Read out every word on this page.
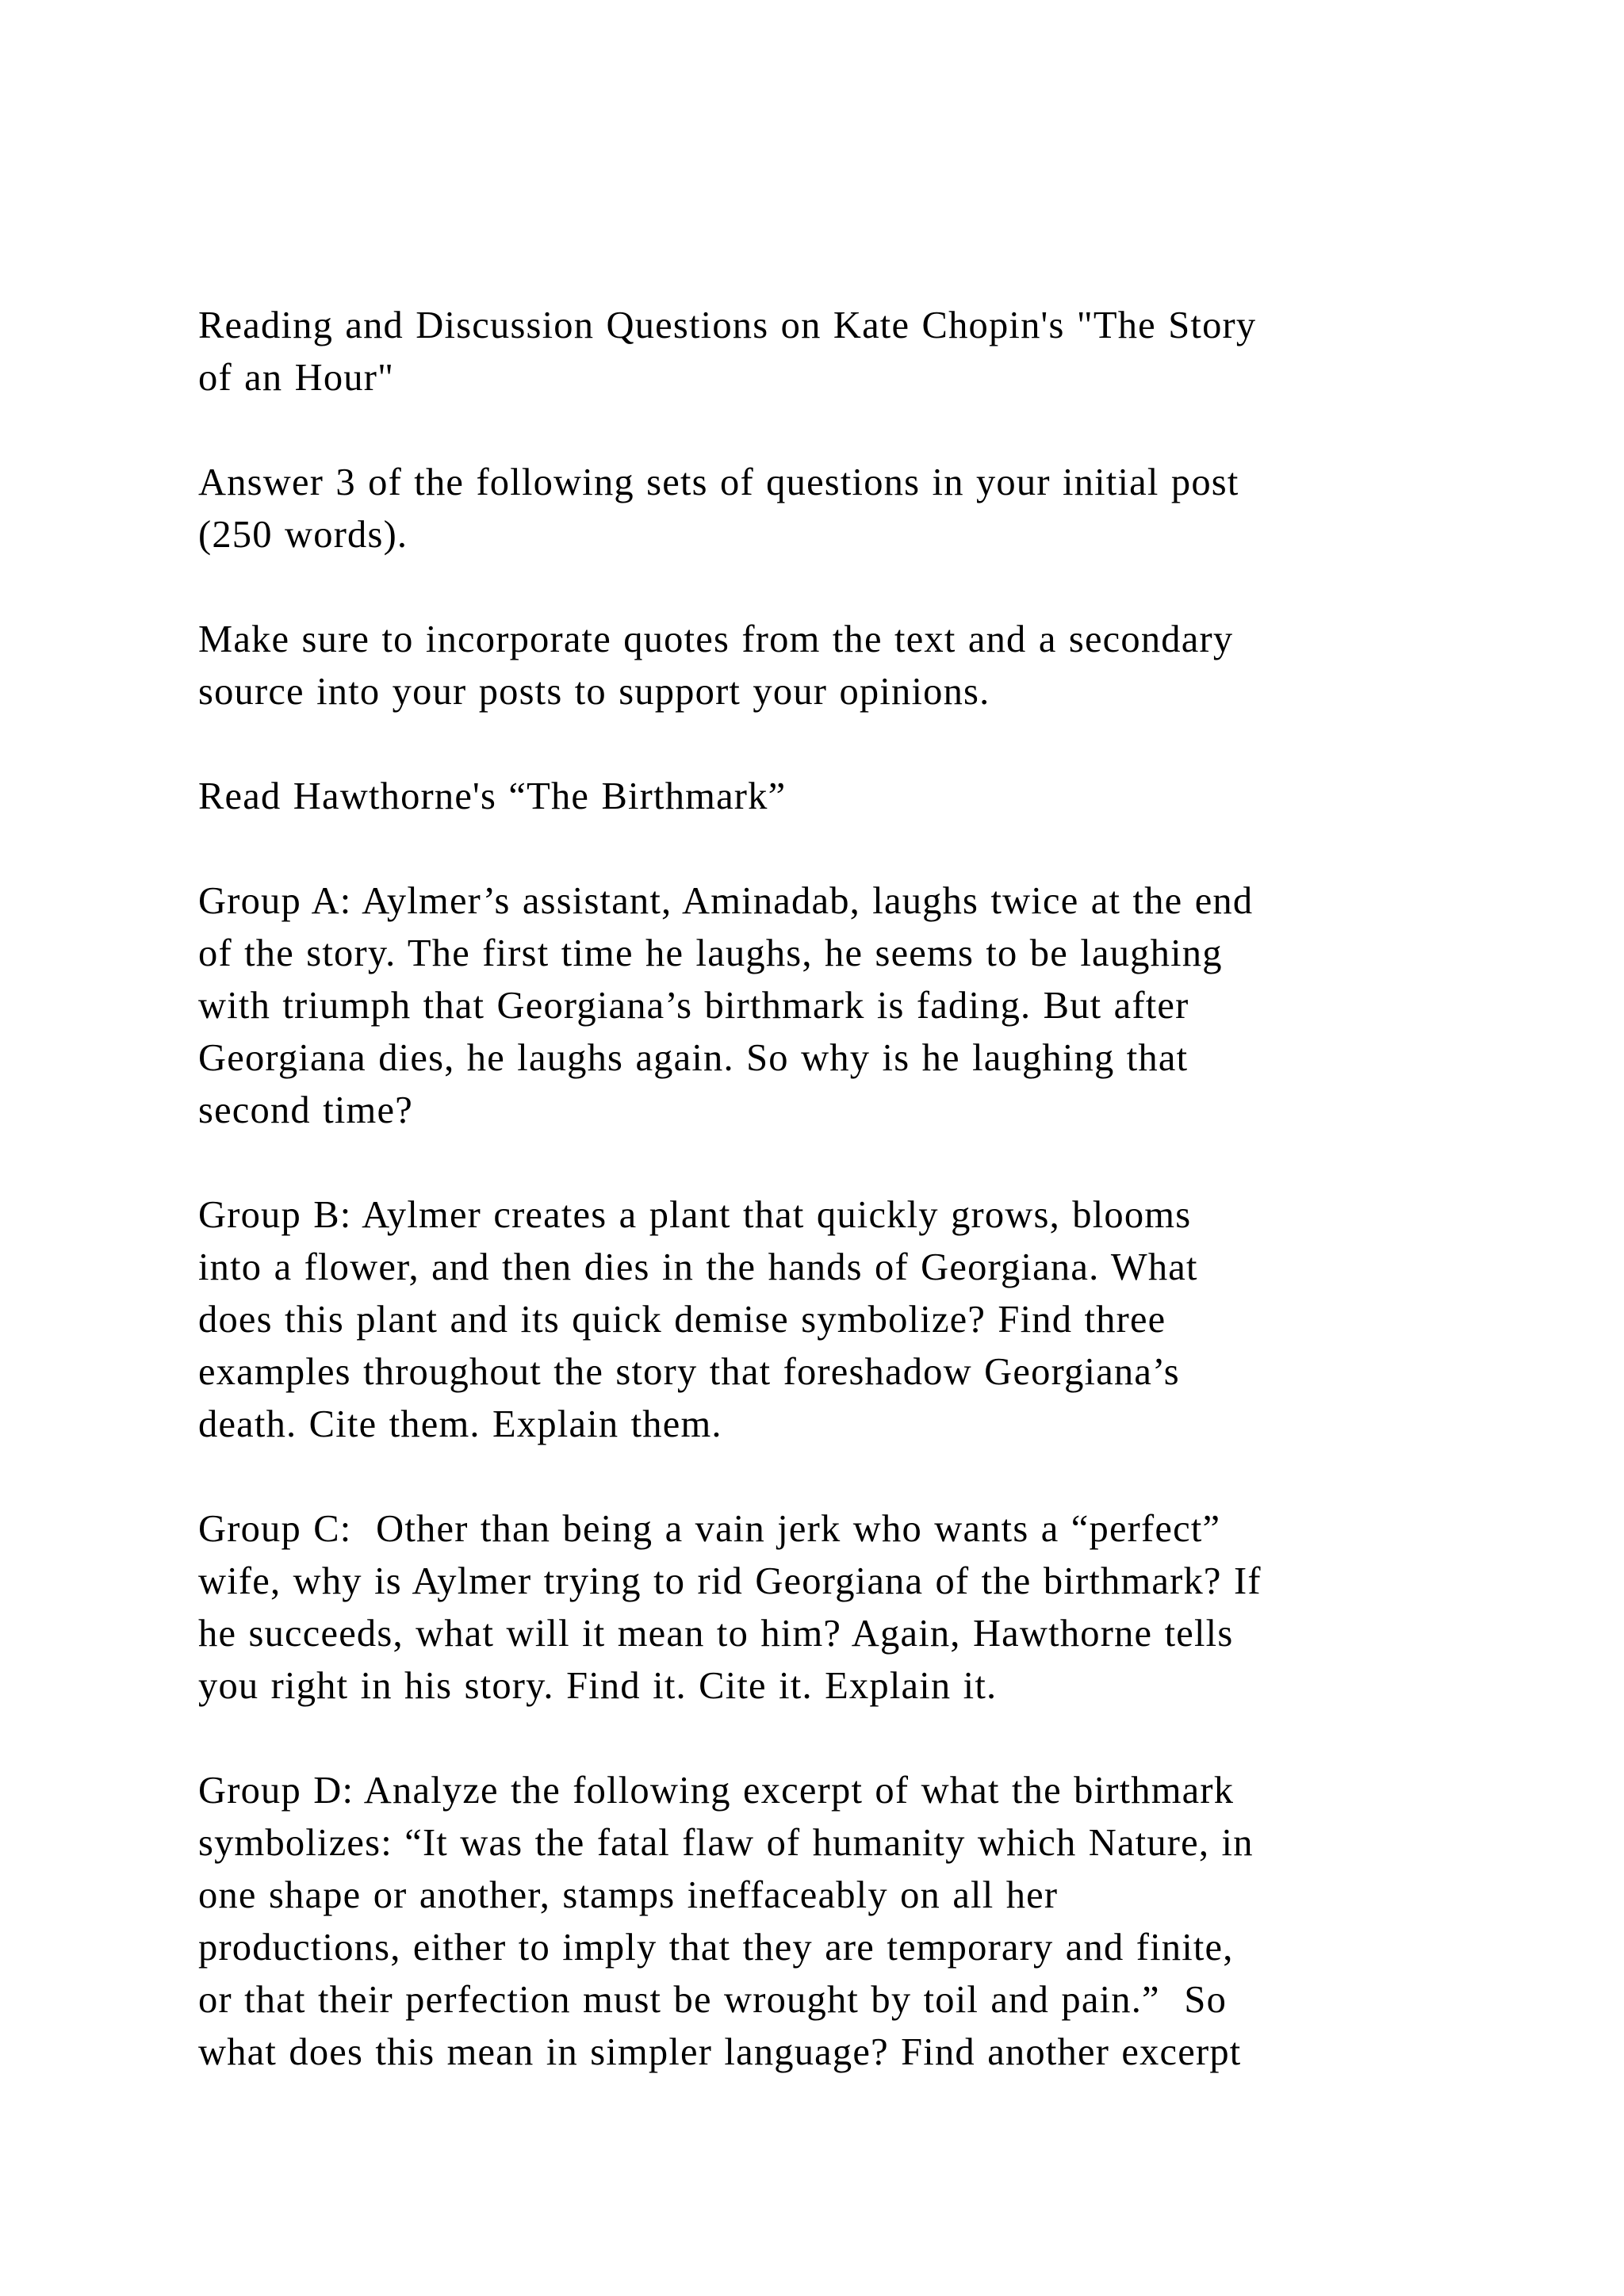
Reading and Discussion Questions on Kate Chopin's "The Story
of an Hour"

Answer 3 of the following sets of questions in your initial post
(250 words).

Make sure to incorporate quotes from the text and a secondary
source into your posts to support your opinions.

Read Hawthorne's “The Birthmark”

Group A: Aylmer’s assistant, Aminadab, laughs twice at the end
of the story. The first time he laughs, he seems to be laughing
with triumph that Georgiana’s birthmark is fading. But after
Georgiana dies, he laughs again. So why is he laughing that
second time?

Group B: Aylmer creates a plant that quickly grows, blooms
into a flower, and then dies in the hands of Georgiana. What
does this plant and its quick demise symbolize? Find three
examples throughout the story that foreshadow Georgiana’s
death. Cite them. Explain them.

Group C:  Other than being a vain jerk who wants a “perfect”
wife, why is Aylmer trying to rid Georgiana of the birthmark? If
he succeeds, what will it mean to him? Again, Hawthorne tells
you right in his story. Find it. Cite it. Explain it.

Group D: Analyze the following excerpt of what the birthmark
symbolizes: “It was the fatal flaw of humanity which Nature, in
one shape or another, stamps ineffaceably on all her
productions, either to imply that they are temporary and finite,
or that their perfection must be wrought by toil and pain.”  So
what does this mean in simpler language? Find another excerpt
